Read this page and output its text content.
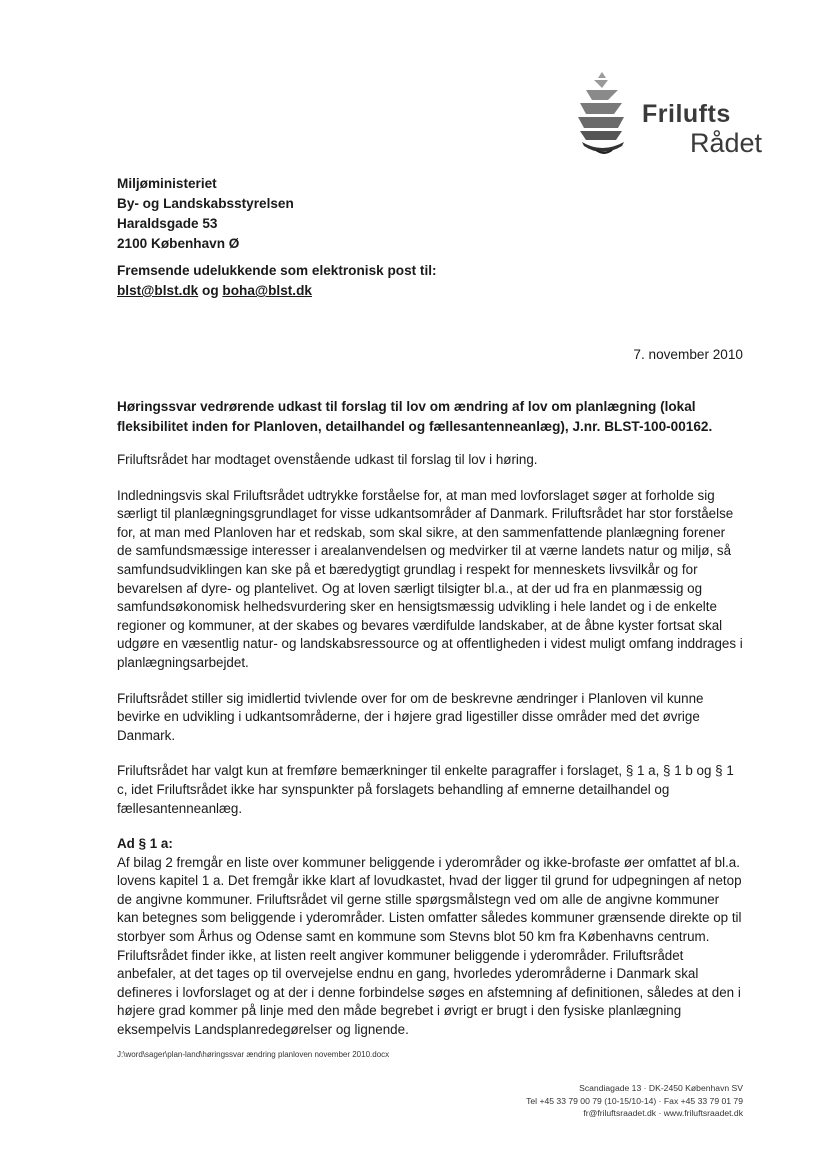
Frilufts
Rådet
Miljøministeriet
By- og Landskabsstyrelsen
Haraldsgade 53
2100 København Ø
Fremsende udelukkende som elektronisk post til:
blst@blst.dk og boha@blst.dk
7. november 2010
Høringssvar vedrørende udkast til forslag til lov om ændring af lov om planlægning (lokal fleksibilitet inden for Planloven, detailhandel og fællesantenneanlæg), J.nr. BLST-100-00162.

Friluftsrådet har modtaget ovenstående udkast til forslag til lov i høring.

Indledningsvis skal Friluftsrådet udtrykke forståelse for, at man med lovforslaget søger at forholde sig særligt til planlægningsgrundlaget for visse udkantsområder af Danmark. Friluftsrådet har stor forståelse for, at man med Planloven har et redskab, som skal sikre, at den sammenfattende planlægning forener de samfundsmæssige interesser i arealanvendelsen og medvirker til at værne landets natur og miljø, så samfundsudviklingen kan ske på et bæredygtigt grundlag i respekt for menneskets livsvilkår og for bevarelsen af dyre- og plantelivet. Og at loven særligt tilsigter bl.a., at der ud fra en planmæssig og samfundsøkonomisk helhedsvurdering sker en hensigtsmæssig udvikling i hele landet og i de enkelte regioner og kommuner, at der skabes og bevares værdifulde landskaber, at de åbne kyster fortsat skal udgøre en væsentlig natur- og landskabsressource og at offentligheden i videst muligt omfang inddrages i planlægningsarbejdet.

Friluftsrådet stiller sig imidlertid tvivlende over for om de beskrevne ændringer i Planloven vil kunne bevirke en udvikling i udkantsområderne, der i højere grad ligestiller disse områder med det øvrige Danmark.

Friluftsrådet har valgt kun at fremføre bemærkninger til enkelte paragraffer i forslaget, § 1 a, § 1 b og § 1 c, idet Friluftsrådet ikke har synspunkter på forslagets behandling af emnerne detailhandel og fællesantenneanlæg.

Ad § 1 a:

Af bilag 2 fremgår en liste over kommuner beliggende i yderområder og ikke-brofaste øer omfattet af bl.a. lovens kapitel 1 a. Det fremgår ikke klart af lovudkastet, hvad der ligger til grund for udpegningen af netop de angivne kommuner. Friluftsrådet vil gerne stille spørgsmålstegn ved om alle de angivne kommuner kan betegnes som beliggende i yderområder. Listen omfatter således kommuner grænsende direkte op til storbyer som Århus og Odense samt en kommune som Stevns blot 50 km fra Københavns centrum. Friluftsrådet finder ikke, at listen reelt angiver kommuner beliggende i yderområder. Friluftsrådet anbefaler, at det tages op til overvejelse endnu en gang, hvorledes yderområderne i Danmark skal defineres i lovforslaget og at der i denne forbindelse søges en afstemning af definitionen, således at den i højere grad kommer på linje med den måde begrebet i øvrigt er brugt i den fysiske planlægning eksempelvis Landsplanredegørelser og lignende.

J:\word\sager\plan-land\høringssvar ændring planloven november 2010.docx
Scandiagade 13 · DK-2450 København SV
Tel +45 33 79 00 79 (10-15/10-14) · Fax +45 33 79 01 79
fr@friluftsraadet.dk · www.friluftsraadet.dk
